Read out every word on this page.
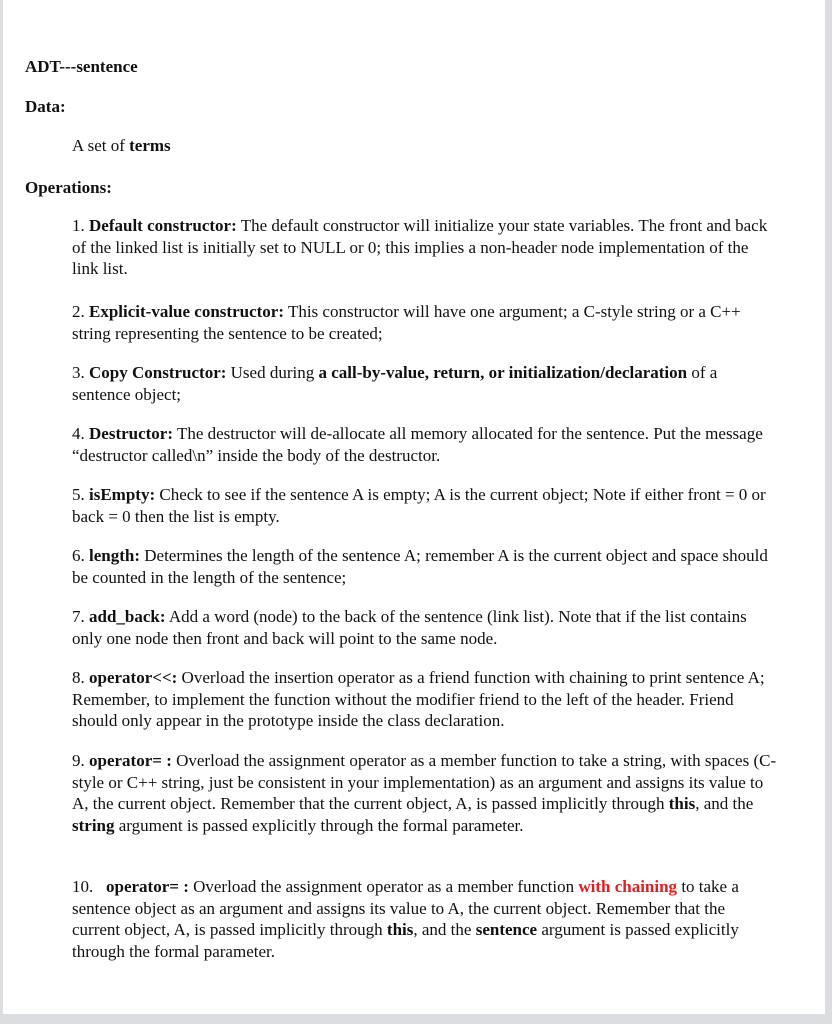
ADT---sentence
Data:
A set of terms
Operations:

1. Default constructor: The default constructor will initialize your state variables. The front and back of the linked list is initially set to NULL or 0; this implies a non-header node implementation of the link list.

2. Explicit-value constructor: This constructor will have one argument; a C-style string or a C++ string representing the sentence to be created;

3. Copy Constructor: Used during a call-by-value, return, or initialization/declaration of a sentence object;

4. Destructor: The destructor will de-allocate all memory allocated for the sentence. Put the message “destructor called\n” inside the body of the destructor.

5. isEmpty: Check to see if the sentence A is empty; A is the current object; Note if either front = 0 or back = 0 then the list is empty.

6. length: Determines the length of the sentence A; remember A is the current object and space should be counted in the length of the sentence;

7. add_back: Add a word (node) to the back of the sentence (link list). Note that if the list contains only one node then front and back will point to the same node.

8. operator<<: Overload the insertion operator as a friend function with chaining to print sentence A; Remember, to implement the function without the modifier friend to the left of the header. Friend should only appear in the prototype inside the class declaration.

9. operator= : Overload the assignment operator as a member function to take a string, with spaces (C-style or C++ string, just be consistent in your implementation) as an argument and assigns its value to A, the current object. Remember that the current object, A, is passed implicitly through this, and the string argument is passed explicitly through the formal parameter.

10.   operator= : Overload the assignment operator as a member function with chaining to take a sentence object as an argument and assigns its value to A, the current object. Remember that the current object, A, is passed implicitly through this, and the sentence argument is passed explicitly through the formal parameter.
